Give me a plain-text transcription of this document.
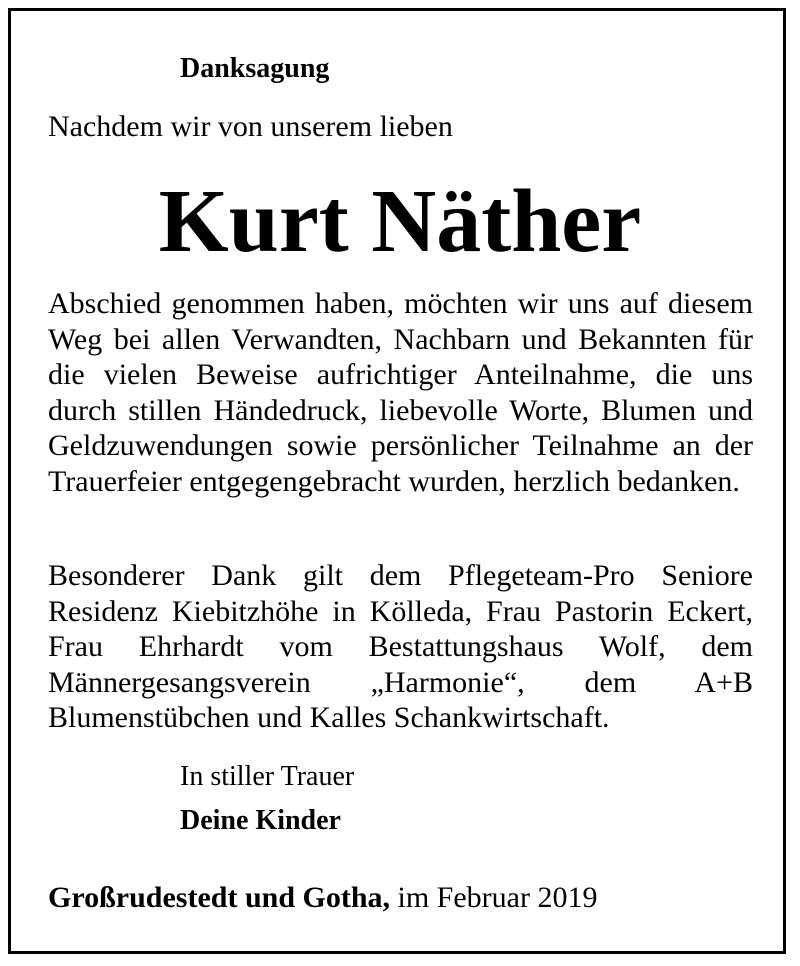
Danksagung

Nachdem wir von unserem lieben

Kurt Näther

Abschied genommen haben, möchten wir uns auf diesem Weg bei allen Verwandten, Nachbarn und Bekannten für die vielen Beweise aufrichtiger Anteilnahme, die uns durch stillen Händedruck, liebevolle Worte, Blumen und Geldzuwendungen sowie persönlicher Teilnahme an der Trauerfeier entgegengebracht wurden, herzlich bedanken.

Besonderer Dank gilt dem Pflegeteam-Pro Seniore Residenz Kiebitzhöhe in Kölleda, Frau Pastorin Eckert, Frau Ehrhardt vom Bestattungshaus Wolf, dem Männergesangsverein „Harmonie“, dem A+B Blumenstübchen und Kalles Schankwirtschaft.

In stiller Trauer

Deine Kinder

Großrudestedt und Gotha, im Februar 2019
